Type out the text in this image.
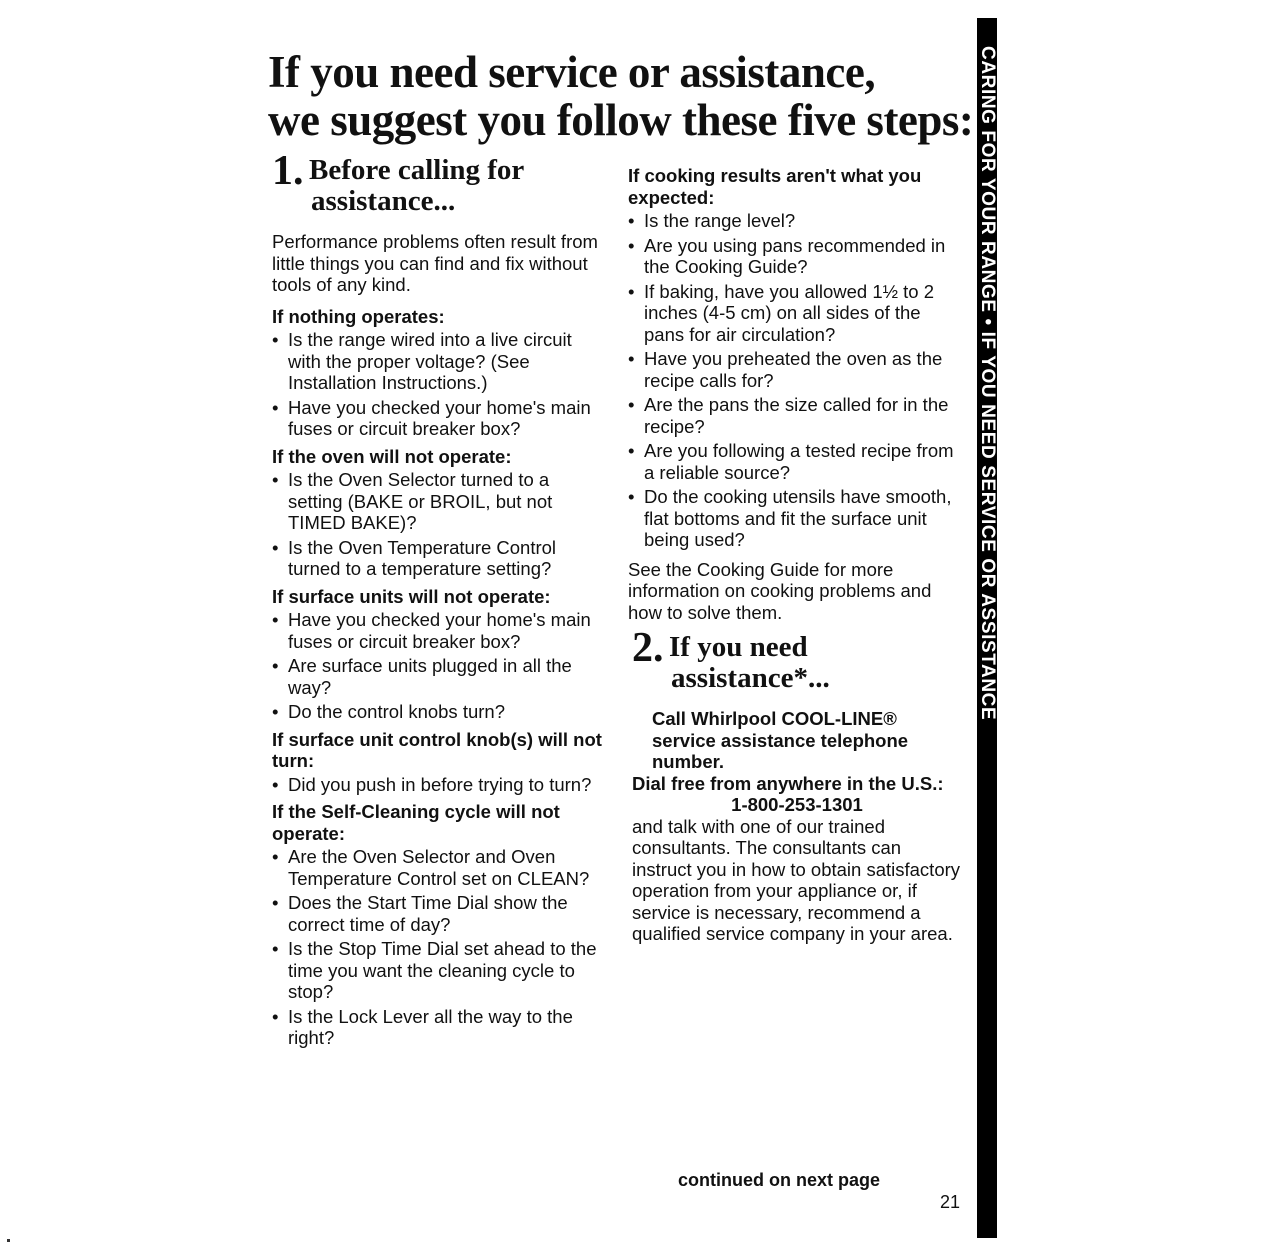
If you need service or assistance,
we suggest you follow these five steps:
1. Before calling for
assistance...

Performance problems often result from little things you can find and fix without tools of any kind.

If nothing operates:
• Is the range wired into a live circuit with the proper voltage? (See Installation Instructions.)
• Have you checked your home's main fuses or circuit breaker box?
If the oven will not operate:
• Is the Oven Selector turned to a setting (BAKE or BROIL, but not TIMED BAKE)?
• Is the Oven Temperature Control turned to a temperature setting?
If surface units will not operate:
• Have you checked your home's main fuses or circuit breaker box?
• Are surface units plugged in all the way?
• Do the control knobs turn?
If surface unit control knob(s) will not turn:
• Did you push in before trying to turn?
If the Self-Cleaning cycle will not operate:
• Are the Oven Selector and Oven Temperature Control set on CLEAN?
• Does the Start Time Dial show the correct time of day?
• Is the Stop Time Dial set ahead to the time you want the cleaning cycle to stop?
• Is the Lock Lever all the way to the right?
If cooking results aren't what you expected:
• Is the range level?
• Are you using pans recommended in the Cooking Guide?
• If baking, have you allowed 1½ to 2 inches (4-5 cm) on all sides of the pans for air circulation?
• Have you preheated the oven as the recipe calls for?
• Are the pans the size called for in the recipe?
• Are you following a tested recipe from a reliable source?
• Do the cooking utensils have smooth, flat bottoms and fit the surface unit being used?

See the Cooking Guide for more information on cooking problems and how to solve them.

2. If you need
assistance*...
Call Whirlpool COOL-LINE® service assistance telephone number.
Dial free from anywhere in the U.S.:
1-800-253-1301

and talk with one of our trained consultants. The consultants can instruct you in how to obtain satisfactory operation from your appliance or, if service is necessary, recommend a qualified service company in your area.

continued on next page
21
CARING FOR YOUR RANGE • IF YOU NEED SERVICE OR ASSISTANCE
